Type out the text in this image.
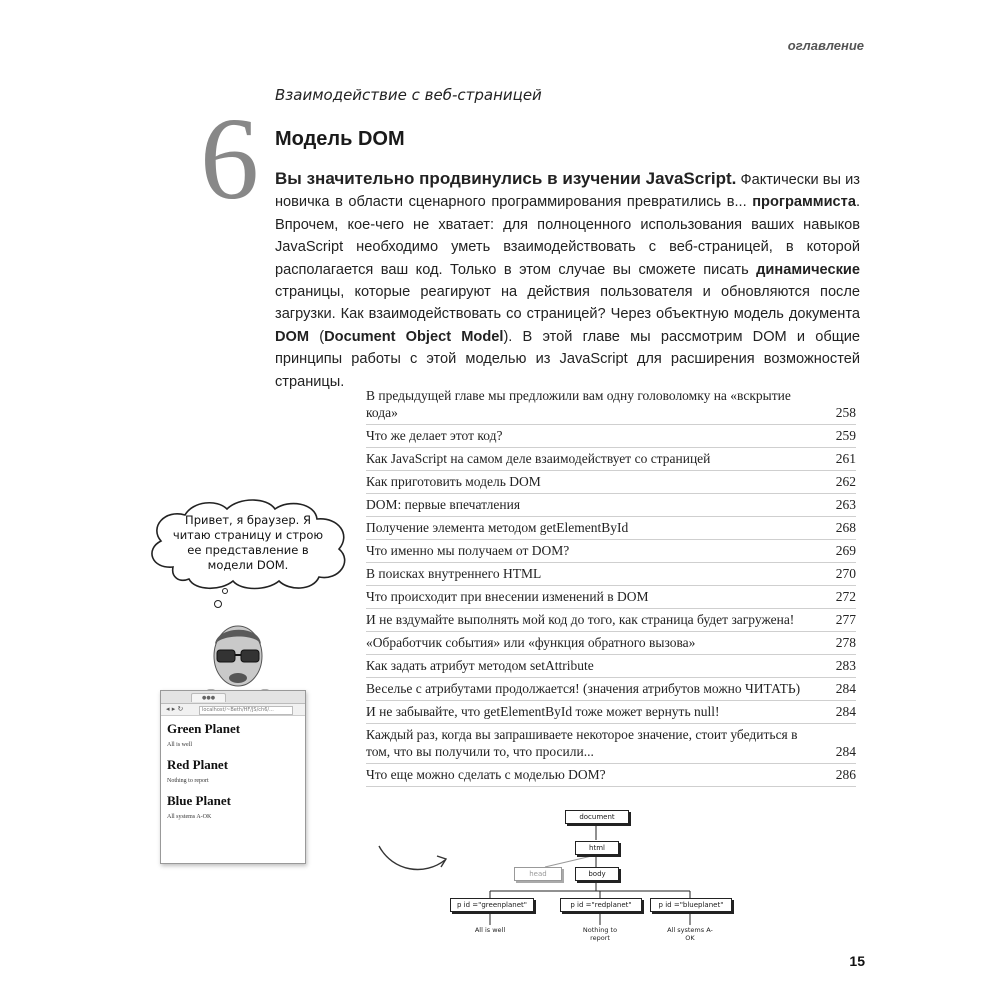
оглавление
6 Взаимодействие с веб-страницей
Модель DOM
Вы значительно продвинулись в изучении JavaScript. Фактически вы из новичка в области сценарного программирования превратились в... программиста. Впрочем, кое-чего не хватает: для полноценного использования ваших навыков JavaScript необходимо уметь взаимодействовать с веб-страницей, в которой располагается ваш код. Только в этом случае вы сможете писать динамические страницы, которые реагируют на действия пользователя и обновляются после загрузки. Как взаимодействовать со страницей? Через объектную модель документа DOM (Document Object Model). В этой главе мы рассмотрим DOM и общие принципы работы с этой моделью из JavaScript для расширения возможностей страницы.
В предыдущей главе мы предложили вам одну головоломку на «вскрытие кода»	258
Что же делает этот код?	259
Как JavaScript на самом деле взаимодействует со страницей	261
Как приготовить модель DOM	262
DOM: первые впечатления	263
Получение элемента методом getElementById	268
Что именно мы получаем от DOM?	269
В поисках внутреннего HTML	270
Что происходит при внесении изменений в DOM	272
И не вздумайте выполнять мой код до того, как страница будет загружена!	277
«Обработчик события» или «функция обратного вызова»	278
Как задать атрибут методом setAttribute	283
Веселье с атрибутами продолжается! (значения атрибутов можно ЧИТАТЬ)	284
И не забывайте, что getElementById тоже может вернуть null!	284
Каждый раз, когда вы запрашиваете некоторое значение, стоит убедиться в том, что вы получили то, что просили...	284
Что еще можно сделать с моделью DOM?	286
Привет, я браузер. Я читаю страницу и строю ее представление в модели DOM.
●●●
◂ ▸ ↻	localhost/~Beth/HF/JS/ch6/...
Green Planet

All is well

Red Planet

Nothing to report

Blue Planet

All systems A-OK	document
html
head	body
p id ="greenplanet"	p id ="redplanet"	p id ="blueplanet"
All is well	Nothing to report
All systems A-OK
15
